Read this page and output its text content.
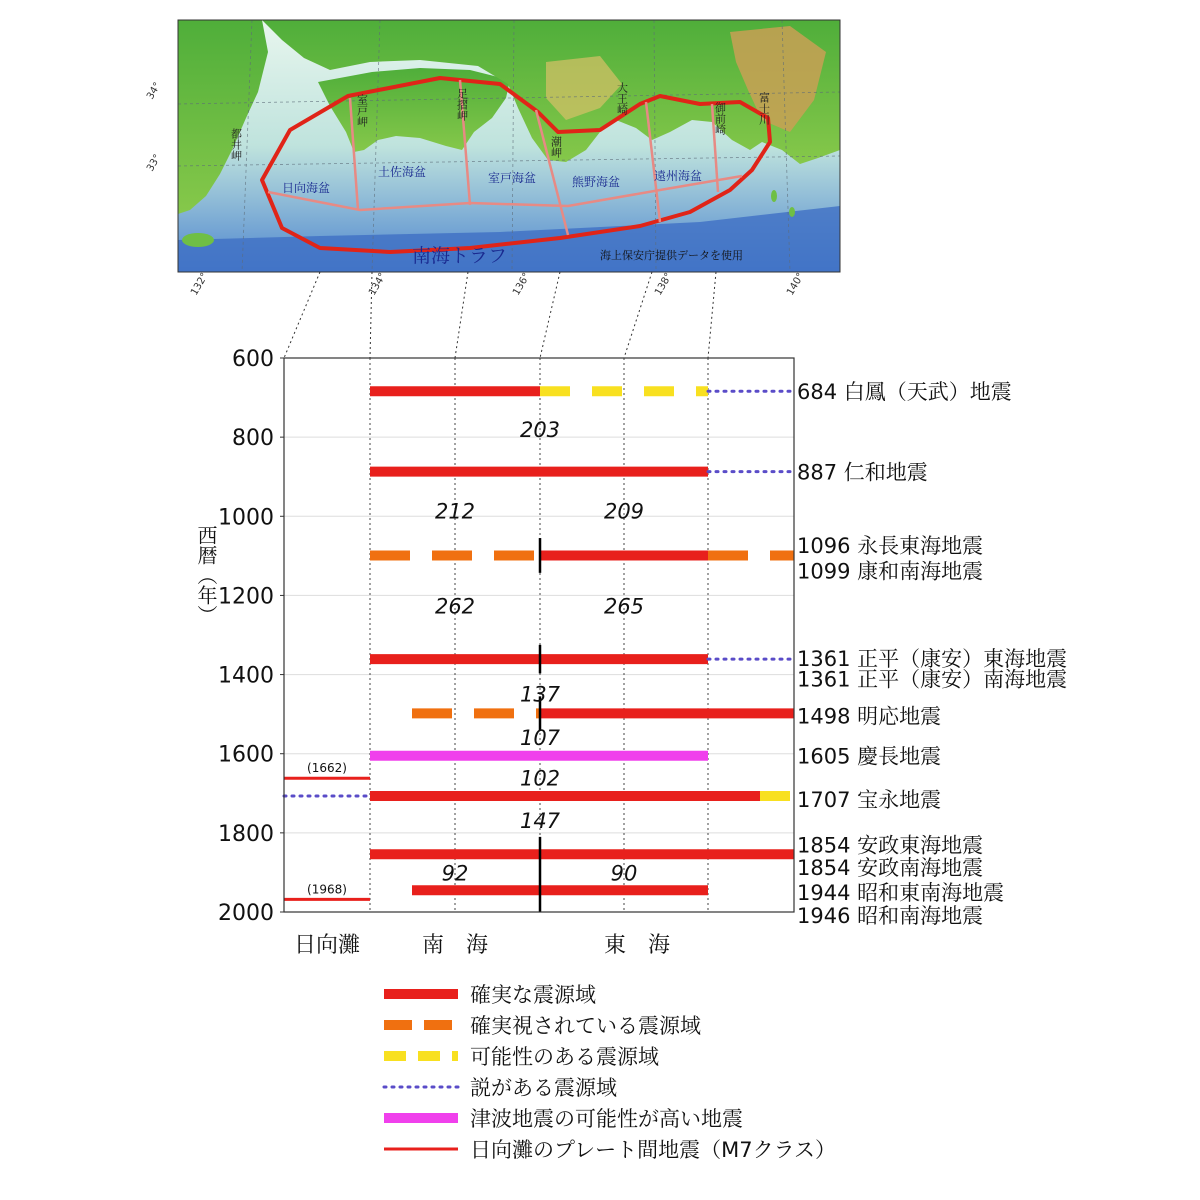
都井岬
室戸岬	足摺岬
潮岬
大王崎
御前崎	富士川
日向海盆
土佐海盆	室戸海盆	熊野海盆	遠州海盆
南海トラフ	海上保安庁提供データを使用
132°	134°	136°	138°	140°
34°
33°
203
212	209
262	265
137
107
102
147
92	90
(1662)
(1968)
600
800
1000
1200
1400
1600
1800
2000
西暦（年）
684 白鳳（天武）地震
887 仁和地震
1096 永長東海地震
1099 康和南海地震
1361 正平（康安）東海地震
1361 正平（康安）南海地震
1498 明応地震
1605 慶長地震
1707 宝永地震
1854 安政東海地震
1854 安政南海地震
1944 昭和東南海地震
1946 昭和南海地震
日向灘	南　海	東　海
確実な震源域
確実視されている震源域
可能性のある震源域
説がある震源域
津波地震の可能性が高い地震
日向灘のプレート間地震（M7クラス）
